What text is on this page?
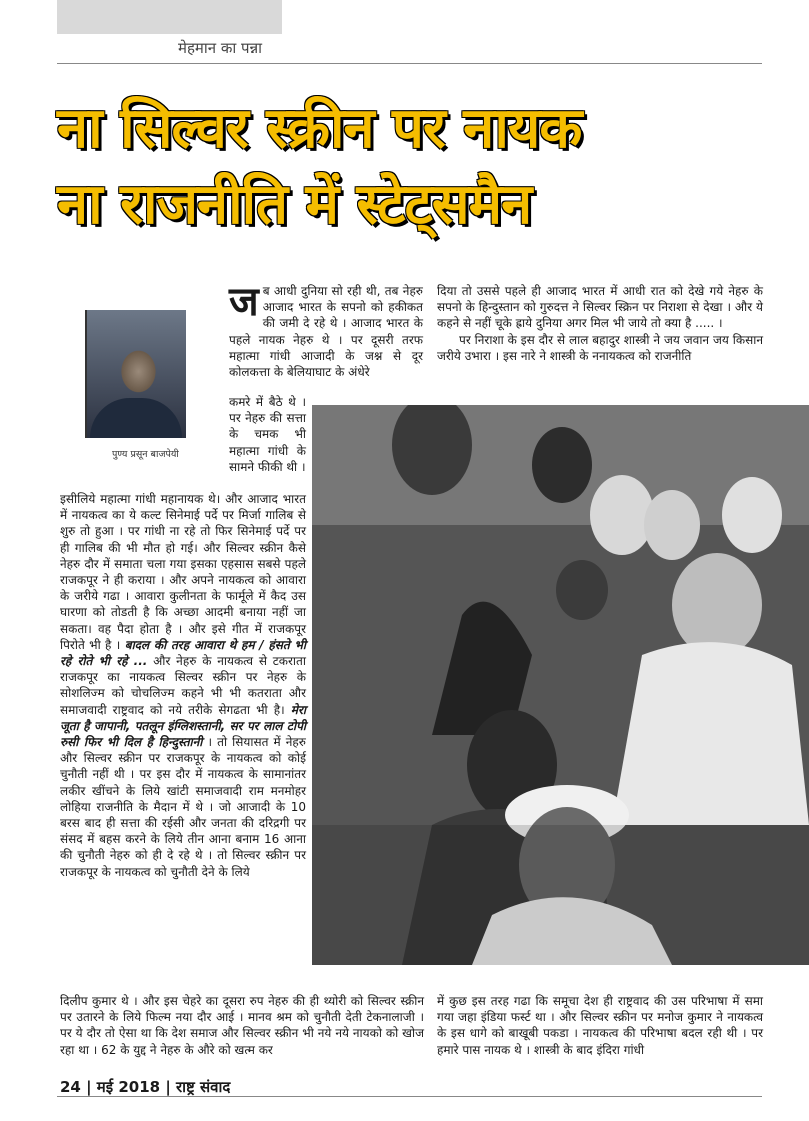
मेहमान का पन्ना
ना सिल्वर स्क्रीन पर नायक
ना राजनीति में स्टेट्समैन
पुण्य प्रसून बाजपेयी
जब आधी दुनिया सो रही थी, तब नेहरु आजाद भारत के सपनो को हकीकत की जमी दे रहे थे । आजाद भारत के पहले नायक नेहरु थे । पर दूसरी तरफ महात्मा गांधी आजादी के जश्न से दूर कोलकत्ता के बेलियाघाट के अंधेरे
कमरे में बैठे थे । पर नेहरु की सत्ता के चमक भी महात्मा गांधी के सामने फीकी थी ।
इसीलिये महात्मा गांधी महानायक थे। और आजाद भारत में नायकत्व का ये कल्ट सिनेमाई पर्दे पर मिर्जा गालिब से शुरु तो हुआ । पर गांधी ना रहे तो फिर सिनेमाई पर्दे पर ही गालिब की भी मौत हो गई। और सिल्वर स्क्रीन कैसे नेहरु दौर में समाता चला गया इसका एहसास सबसे पहले राजकपूर ने ही कराया । और अपने नायकत्व को आवारा के जरीये गढा । आवारा कुलीनता के फार्मूले में कैद उस घारणा को तोडती है कि अच्छा आदमी बनाया नहीं जा सकता। वह पैदा होता है । और इसे गीत में राजकपूर पिरोते भी है । बादल की तरह आवारा थे हम / हंसते भी रहे रोते भी रहे ... और नेहरु के नायकत्व से टकराता राजकपूर का नायकत्व सिल्वर स्क्रीन पर नेहरु के सोशलिज्म को चोचलिज्म कहने भी भी कतराता और समाजवादी राष्ट्रवाद को नये तरीके सेगढता भी है। मेरा जूता है जापानी, पतलून इंग्लिशस्तानी, सर पर लाल टोपी रुसी फिर भी दिल है हिन्दुस्तानी । तो सियासत में नेहरु और सिल्वर स्क्रीन पर राजकपूर के नायकत्व को कोई चुनौती नहीं थी । पर इस दौर में नायकत्व के सामानांतर लकीर खींचने के लिये खांटी समाजवादी राम मनमोहर लोहिया राजनीति के मैदान में थे । जो आजादी के 10 बरस बाद ही सत्ता की रईसी और जनता की दरिद्रगी पर संसद में बहस करने के लिये तीन आना बनाम 16 आना की चुनौती नेहरु को ही दे रहे थे । तो सिल्वर स्क्रीन पर राजकपूर के नायकत्व को चुनौती देने के लिये
दिया तो उससे पहले ही आजाद भारत में आधी रात को देखे गये नेहरु के सपनो के हिन्दुस्तान को गुरुदत्त ने सिल्वर स्क्रिन पर निराशा से देखा । और ये कहने से नहीं चूके ह्राये दुनिया अगर मिल भी जाये तो क्या है ..... ।
पर निराशा के इस दौर से लाल बहादुर शास्त्री ने जय जवान जय किसान जरीये उभारा । इस नारे ने शास्त्री के ननायकत्व को राजनीति
दिलीप कुमार थे । और इस चेहरे का दूसरा रुप नेहरु की ही थ्योरी को सिल्वर स्क्रीन पर उतारने के लिये फिल्म नया दौर आई । मानव श्रम को चुनौती देती टेकनालाजी । पर ये दौर तो ऐसा था कि देश समाज और सिल्वर स्क्रीन भी नये नये नायको को खोज रहा था । 62 के युद्द ने नेहरु के औरे को खत्म कर
में कुछ इस तरह गढा कि समूचा देश ही राष्ट्रवाद की उस परिभाषा में समा गया जहा इंडिया फर्स्ट था । और सिल्वर स्क्रीन पर मनोज कुमार ने नायकत्व के इस धागे को बाखूबी पकडा । नायकत्व की परिभाषा बदल रही थी । पर हमारे पास नायक थे । शास्त्री के बाद इंदिरा गांधी
24 | मई 2018 | राष्ट्र संवाद
